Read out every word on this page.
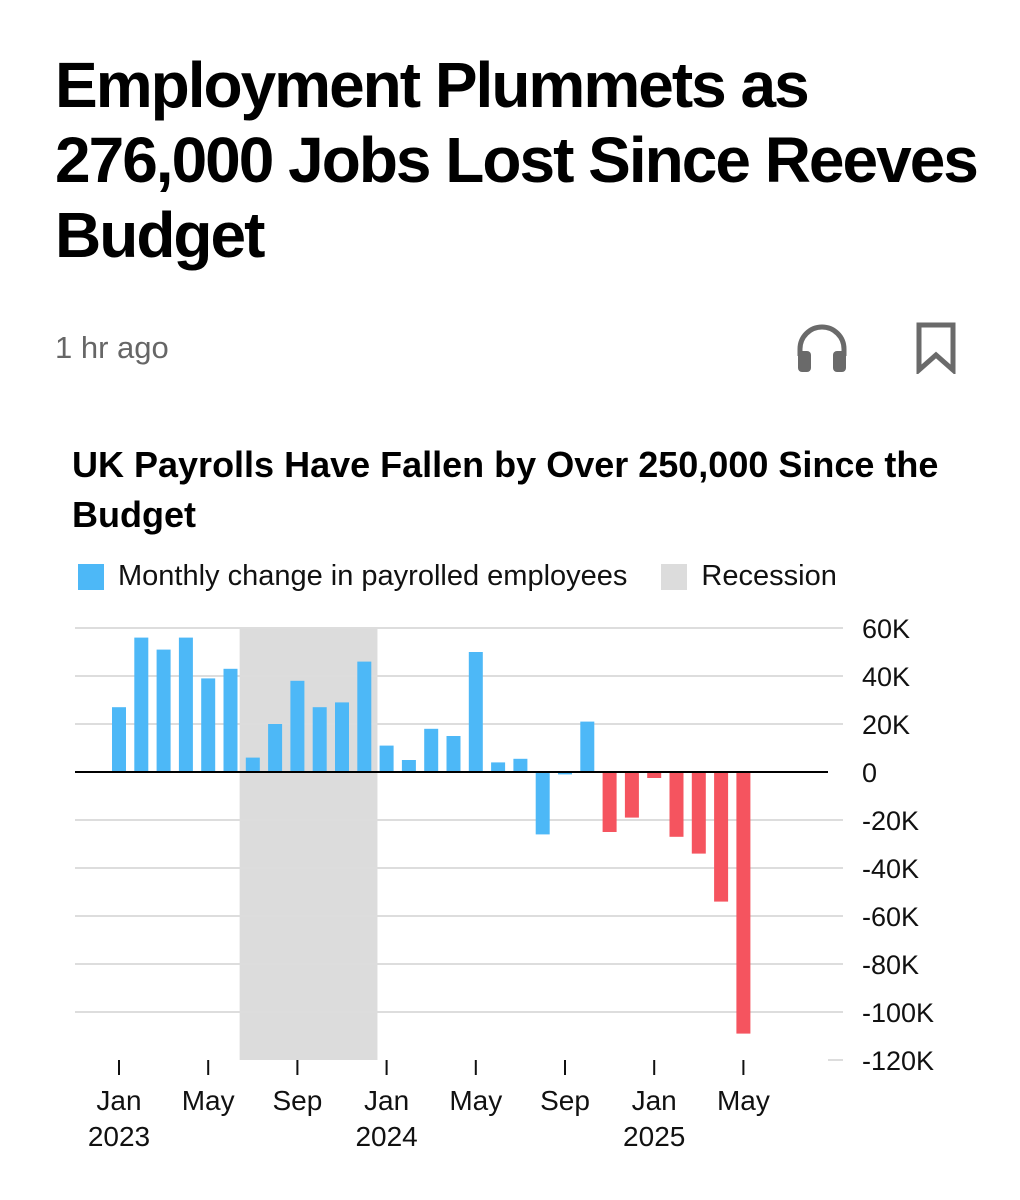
Employment Plummets as 276,000 Jobs Lost Since Reeves Budget
1 hr ago
UK Payrolls Have Fallen by Over 250,000 Since the Budget
Monthly change in payrolled employees	Recession
60K
40K
20K
0
-20K
-40K
-60K
-80K
-100K
-120K
Jan
2023
May Sep Jan
2024
May Sep Jan
2025
May
